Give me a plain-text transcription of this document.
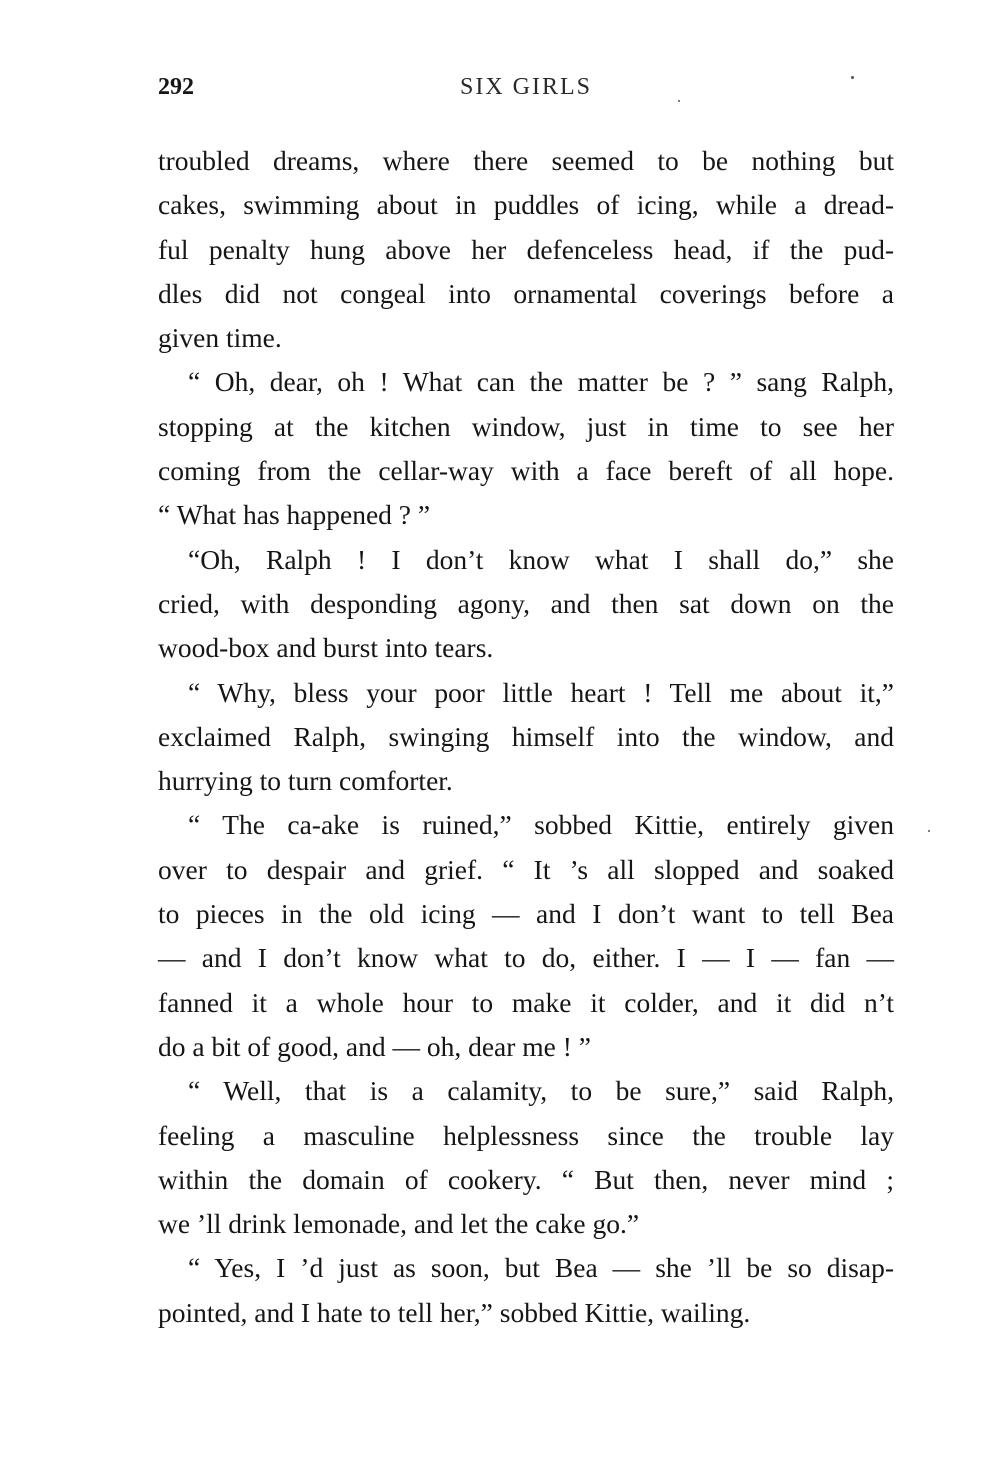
292	SIX GIRLS
troubled dreams, where there seemed to be nothing but
cakes, swimming about in puddles of icing, while a dread-
ful penalty hung above her defenceless head, if the pud-
dles did not congeal into ornamental coverings before a
given time.
“ Oh, dear, oh ! What can the matter be ? ” sang Ralph,
stopping at the kitchen window, just in time to see her
coming from the cellar-way with a face bereft of all hope.
“ What has happened ? ”
“Oh, Ralph ! I don’t know what I shall do,” she
cried, with desponding agony, and then sat down on the
wood-box and burst into tears.
“ Why, bless your poor little heart ! Tell me about it,”
exclaimed Ralph, swinging himself into the window, and
hurrying to turn comforter.
“ The ca-ake is ruined,” sobbed Kittie, entirely given
over to despair and grief. “ It ’s all slopped and soaked
to pieces in the old icing — and I don’t want to tell Bea
— and I don’t know what to do, either. I — I — fan —
fanned it a whole hour to make it colder, and it did n’t
do a bit of good, and — oh, dear me ! ”
“ Well, that is a calamity, to be sure,” said Ralph,
feeling a masculine helplessness since the trouble lay
within the domain of cookery. “ But then, never mind ;
we ’ll drink lemonade, and let the cake go.”
“ Yes, I ’d just as soon, but Bea — she ’ll be so disap-
pointed, and I hate to tell her,” sobbed Kittie, wailing.
